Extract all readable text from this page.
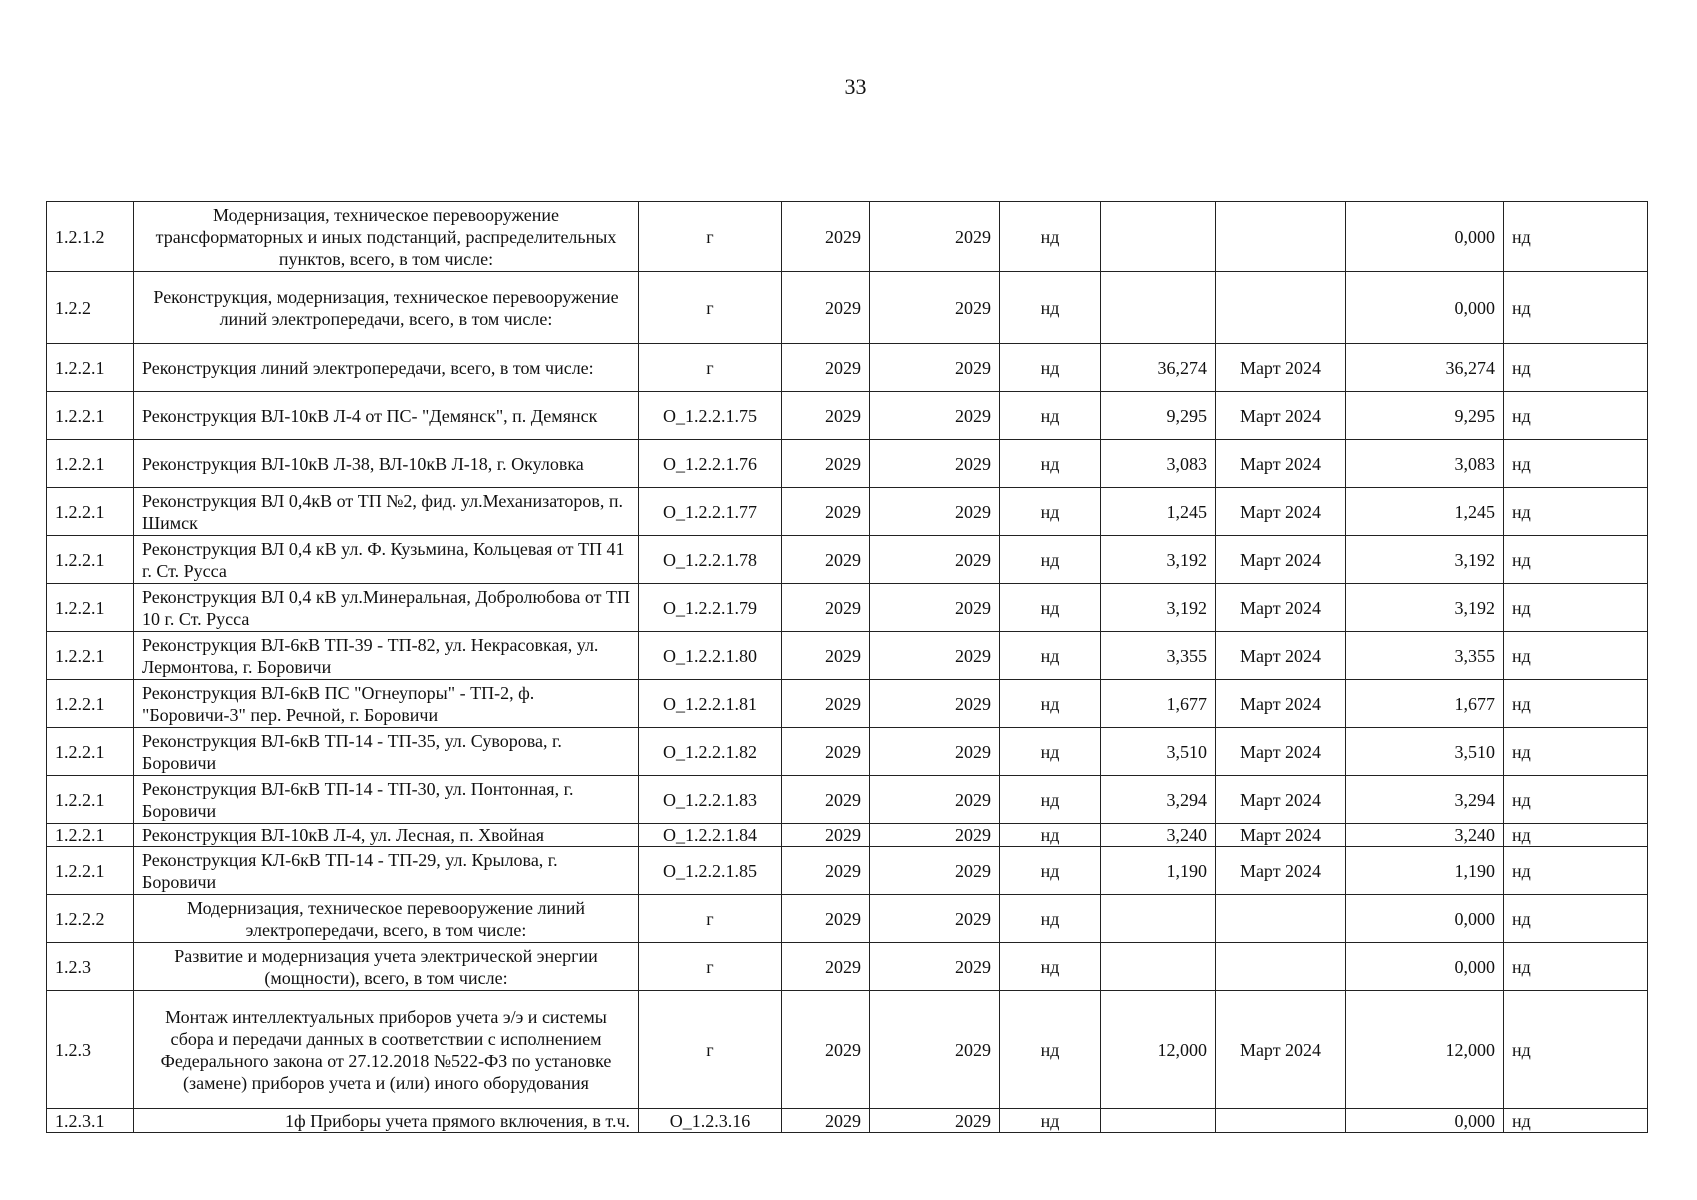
33
1.2.1.2	Модернизация, техническое перевооружение трансформаторных и иных подстанций, распределительных пунктов, всего, в том числе:	г	2029	2029	нд			0,000	нд
1.2.2	Реконструкция, модернизация, техническое перевооружение линий электропередачи, всего, в том числе:	г	2029	2029	нд			0,000	нд
1.2.2.1	Реконструкция линий электропередачи, всего, в том числе:	г	2029	2029	нд	36,274	Март 2024	36,274	нд
1.2.2.1	Реконструкция ВЛ-10кВ Л-4 от ПС- "Демянск", п. Демянск	О_1.2.2.1.75	2029	2029	нд	9,295	Март 2024	9,295	нд
1.2.2.1	Реконструкция ВЛ-10кВ Л-38, ВЛ-10кВ Л-18, г. Окуловка	О_1.2.2.1.76	2029	2029	нд	3,083	Март 2024	3,083	нд
1.2.2.1	Реконструкция ВЛ 0,4кВ от ТП №2, фид. ул.Механизаторов, п. Шимск	О_1.2.2.1.77	2029	2029	нд	1,245	Март 2024	1,245	нд
1.2.2.1	Реконструкция ВЛ 0,4 кВ ул. Ф. Кузьмина, Кольцевая от ТП 41 г. Ст. Русса	О_1.2.2.1.78	2029	2029	нд	3,192	Март 2024	3,192	нд
1.2.2.1	Реконструкция ВЛ 0,4 кВ ул.Минеральная, Добролюбова от ТП 10 г. Ст. Русса	О_1.2.2.1.79	2029	2029	нд	3,192	Март 2024	3,192	нд
1.2.2.1	Реконструкция ВЛ-6кВ ТП-39 - ТП-82, ул. Некрасовкая, ул. Лермонтова, г. Боровичи	О_1.2.2.1.80	2029	2029	нд	3,355	Март 2024	3,355	нд
1.2.2.1	Реконструкция ВЛ-6кВ ПС "Огнеупоры" - ТП-2, ф. "Боровичи-3" пер. Речной, г. Боровичи	О_1.2.2.1.81	2029	2029	нд	1,677	Март 2024	1,677	нд
1.2.2.1	Реконструкция ВЛ-6кВ ТП-14 - ТП-35, ул. Суворова, г. Боровичи	О_1.2.2.1.82	2029	2029	нд	3,510	Март 2024	3,510	нд
1.2.2.1	Реконструкция ВЛ-6кВ ТП-14 - ТП-30, ул. Понтонная, г. Боровичи	О_1.2.2.1.83	2029	2029	нд	3,294	Март 2024	3,294	нд
1.2.2.1	Реконструкция ВЛ-10кВ Л-4, ул. Лесная, п. Хвойная	О_1.2.2.1.84	2029	2029	нд	3,240	Март 2024	3,240	нд
1.2.2.1	Реконструкция КЛ-6кВ ТП-14 - ТП-29, ул. Крылова, г. Боровичи	О_1.2.2.1.85	2029	2029	нд	1,190	Март 2024	1,190	нд
1.2.2.2	Модернизация, техническое перевооружение линий электропередачи, всего, в том числе:	г	2029	2029	нд			0,000	нд
1.2.3	Развитие и модернизация учета электрической энергии (мощности), всего, в том числе:	г	2029	2029	нд			0,000	нд
1.2.3	Монтаж интеллектуальных приборов учета э/э и системы сбора и передачи данных в соответствии с исполнением Федерального закона от 27.12.2018 №522-ФЗ по установке (замене) приборов учета и (или) иного оборудования	г	2029	2029	нд	12,000	Март 2024	12,000	нд
1.2.3.1	1ф Приборы учета прямого включения, в т.ч.	О_1.2.3.16	2029	2029	нд			0,000	нд
